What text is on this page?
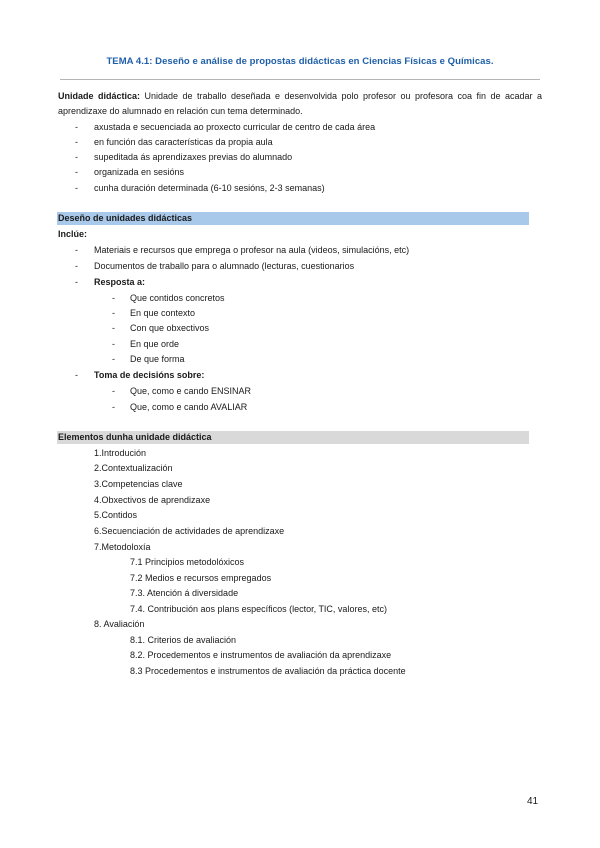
TEMA 4.1: Deseño e análise de propostas didácticas en Ciencias Físicas e Químicas.
Unidade didáctica: Unidade de traballo deseñada e desenvolvida polo profesor ou profesora coa fin de acadar a aprendizaxe do alumnado en relación cun tema determinado.
- axustada e secuenciada ao proxecto curricular de centro de cada área
- en función das características da propia aula
- supeditada ás aprendizaxes previas do alumnado
- organizada en sesións
- cunha duración determinada (6-10 sesións, 2-3 semanas)
Deseño de unidades didácticas
Inclúe:
- Materiais e recursos que emprega o profesor na aula (videos, simulacións, etc)
- Documentos de traballo para o alumnado (lecturas, cuestionarios
- Resposta a:
- Que contidos concretos
- En que contexto
- Con que obxectivos
- En que orde
- De que forma
- Toma de decisións sobre:
- Que, como e cando ENSINAR
- Que, como e cando AVALIAR
Elementos dunha unidade didáctica
1.Introdución
2.Contextualización
3.Competencias clave
4.Obxectivos de aprendizaxe
5.Contidos
6.Secuenciación de actividades de aprendizaxe
7.Metodoloxía
7.1 Principios metodolóxicos
7.2 Medios e recursos empregados
7.3. Atención á diversidade
7.4. Contribución aos plans específicos (lector, TIC, valores, etc)
8. Avaliación
8.1. Criterios de avaliación
8.2. Procedementos e instrumentos de avaliación da aprendizaxe
8.3 Procedementos e instrumentos de avaliación da práctica docente
41
